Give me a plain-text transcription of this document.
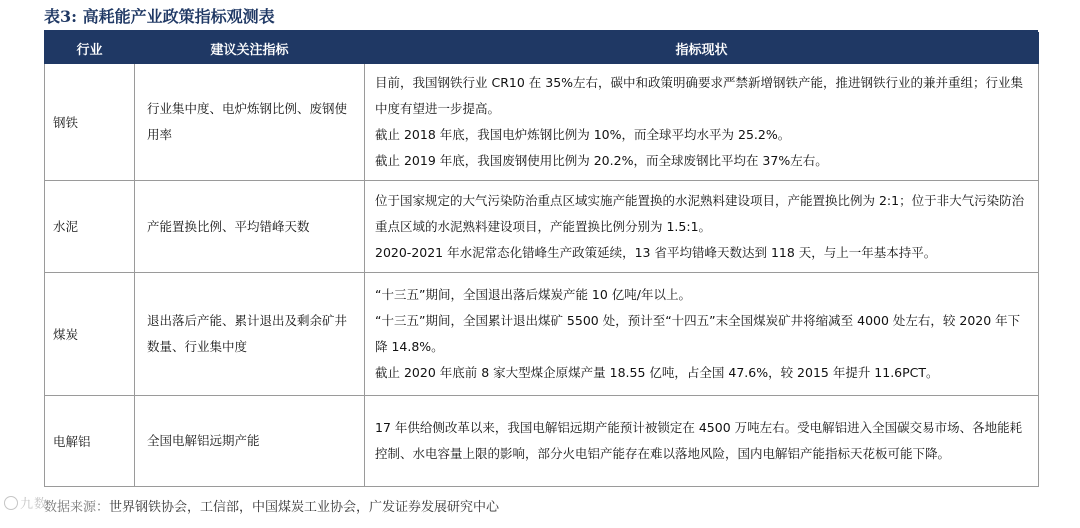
表3: 高耗能产业政策指标观测表
行业	建议关注指标	指标现状
钢铁	行业集中度、电炉炼钢比例、废钢使用率	目前，我国钢铁行业 CR10 在 35%左右，碳中和政策明确要求严禁新增钢铁产能，推进钢铁行业的兼并重组；行业集中度有望进一步提高。
截止 2018 年底，我国电炉炼钢比例为 10%，而全球平均水平为 25.2%。
截止 2019 年底，我国废钢使用比例为 20.2%，而全球废钢比平均在 37%左右。

水泥	产能置换比例、平均错峰天数	位于国家规定的大气污染防治重点区域实施产能置换的水泥熟料建设项目，产能置换比例为 2:1；位于非大气污染防治重点区域的水泥熟料建设项目，产能置换比例分别为 1.5:1。
2020-2021 年水泥常态化错峰生产政策延续，13 省平均错峰天数达到 118 天，与上一年基本持平。

煤炭	退出落后产能、累计退出及剩余矿井数量、行业集中度	“十三五”期间，全国退出落后煤炭产能 10 亿吨/年以上。
“十三五”期间，全国累计退出煤矿 5500 处，预计至“十四五”末全国煤炭矿井将缩减至 4000 处左右，较 2020 年下降 14.8%。
截止 2020 年底前 8 家大型煤企原煤产量 18.55 亿吨，占全国 47.6%，较 2015 年提升 11.6PCT。

电解铝	全国电解铝远期产能	17 年供给侧改革以来，我国电解铝远期产能预计被锁定在 4500 万吨左右。受电解铝进入全国碳交易市场、各地能耗控制、水电容量上限的影响，部分火电铝产能存在难以落地风险，国内电解铝产能指标天花板可能下降。
九数
数据来源：世界钢铁协会，工信部，中国煤炭工业协会，广发证券发展研究中心
